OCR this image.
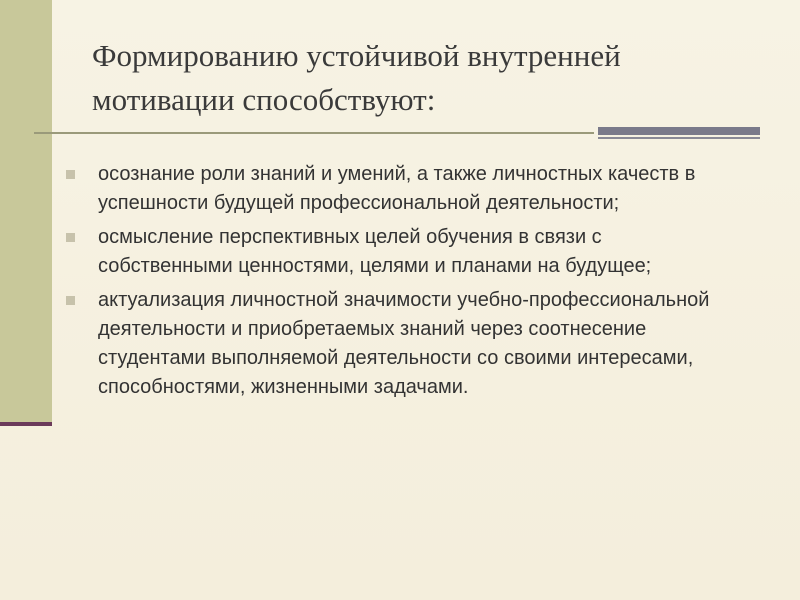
Формированию устойчивой внутренней мотивации способствуют:
осознание роли знаний и умений, а также личностных качеств в успешности будущей профессиональной деятельности;
осмысление перспективных целей обучения в связи с собственными ценностями, целями и планами на будущее;
актуализация личностной значимости учебно-профессиональной деятельности и приобретаемых знаний через соотнесение студентами выполняемой деятельности со своими интересами, способностями, жизненными задачами.
